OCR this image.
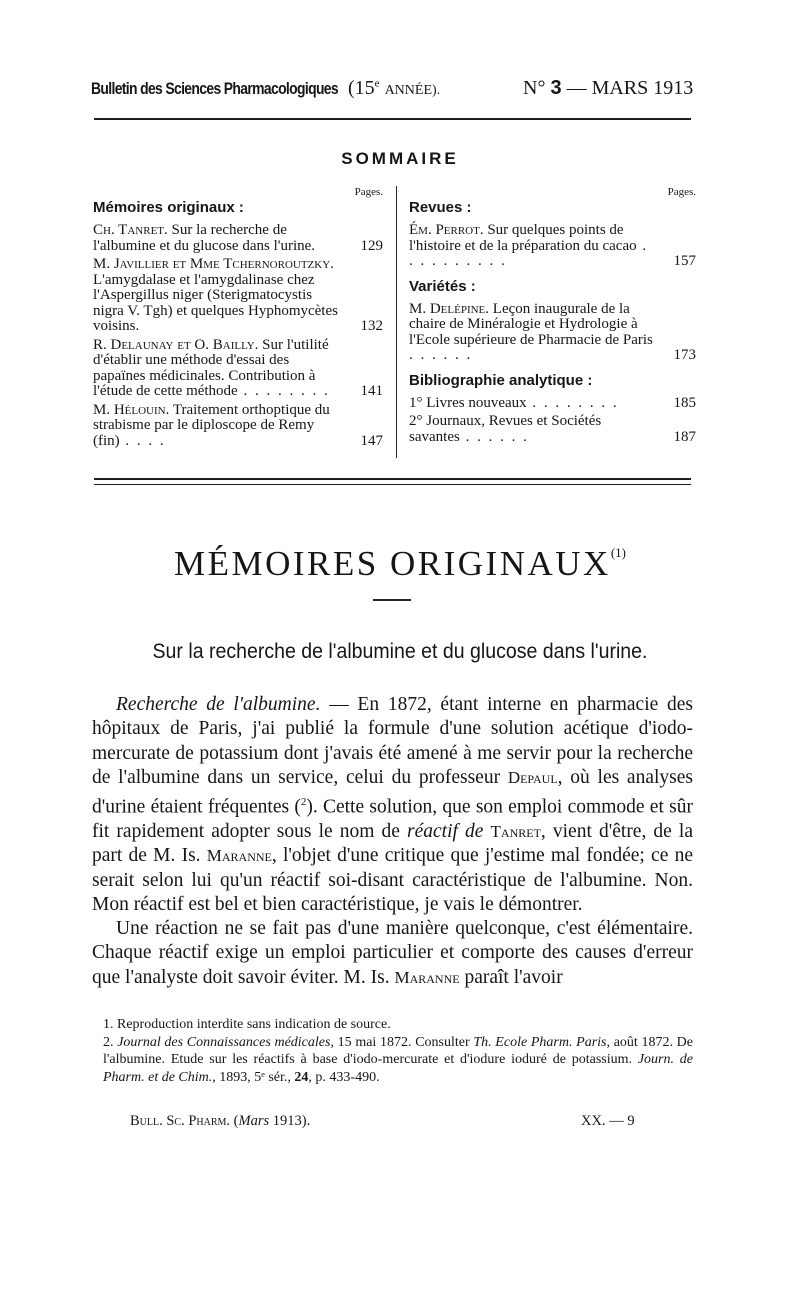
Bulletin des Sciences Pharmacologiques (15e ANNÉE).	N° 3 — MARS 1913
SOMMAIRE
Pages.
Mémoires originaux :
Ch. Tanret. Sur la recherche de l'albumine et du glucose dans l'urine.	129
M. Javillier et Mme Tchernoroutzky. L'amygdalase et l'amygdalinase chez l'Aspergillus niger (Sterigmatocystis nigra V. Tgh) et quelques Hyphomycètes voisins.	132
R. Delaunay et O. Bailly. Sur l'utilité d'établir une méthode d'essai des papaïnes médicinales. Contribution à l'étude de cette méthode . . . . . . . . 141
M. Hélouin. Traitement orthoptique du strabisme par le diploscope de Remy (fin) . . . .	147
Pages.
Revues :
Ém. Perrot. Sur quelques points de l'histoire et de la préparation du cacao . . . . . . . . . .	157
Variétés :
M. Delépine. Leçon inaugurale de la chaire de Minéralogie et Hydrologie à l'Ecole supérieure de Pharmacie de Paris . . . . . .	173
Bibliographie analytique :
1° Livres nouveaux . . . . . . . .	185
2° Journaux, Revues et Sociétés savantes . . . . . .	187
MÉMOIRES ORIGINAUX$^{(1)}$
Sur la recherche de l'albumine et du glucose dans l'urine.

Recherche de l'albumine. — En 1872, étant interne en pharmacie des hôpitaux de Paris, j'ai publié la formule d'une solution acétique d'iodo-mercurate de potassium dont j'avais été amené à me servir pour la recherche de l'albumine dans un service, celui du professeur Depaul, où les analyses d'urine étaient fréquentes ($^2$). Cette solution, que son emploi commode et sûr fit rapidement adopter sous le nom de réactif de Tanret, vient d'être, de la part de M. Is. Maranne, l'objet d'une critique que j'estime mal fondée; ce ne serait selon lui qu'un réactif soi-disant caractéristique de l'albumine. Non. Mon réactif est bel et bien caractéristique, je vais le démontrer.

Une réaction ne se fait pas d'une manière quelconque, c'est élémentaire. Chaque réactif exige un emploi particulier et comporte des causes d'erreur que l'analyste doit savoir éviter. M. Is. Maranne paraît l'avoir

1. Reproduction interdite sans indication de source.

2. Journal des Connaissances médicales, 15 mai 1872. Consulter Th. Ecole Pharm. Paris, août 1872. De l'albumine. Etude sur les réactifs à base d'iodo-mercurate et d'iodure ioduré de potassium. Journ. de Pharm. et de Chim., 1893, 5ᵉ sér., 24, p. 433-490.

Bull. Sc. Pharm. (Mars 1913).	XX. — 9
